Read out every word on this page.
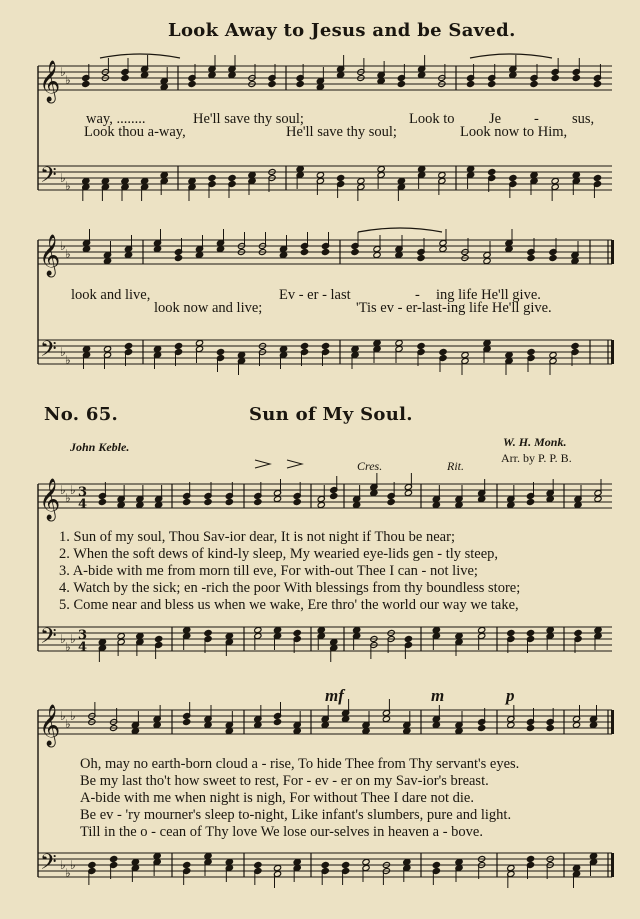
𝄞
𝄢
♭
♭
♭
♭
𝄞
𝄢
♭
♭
♭
♭
𝄞
𝄢
♭
♭
♭
♭
♭
♭
3
4
3
4
𝄞
𝄢
♭
♭
♭
♭
♭
♭
Look Away to Jesus and be Saved.
way, ........	He'll save thy soul;	Look to Je - sus,
Look thou a-way,	He'll save thy soul;	Look now to Him,
look and live,	Ev - er - last	- ing life He'll give.
look now and live;	'Tis ev - er-last-ing life He'll give.
No. 65.	Sun of My Soul.
John Keble.	W. H. Monk.
Arr. by P. P. B.
Cres.	Rit.
1. Sun of my soul, Thou Sav-ior dear, It is not night if Thou be near;
2. When the soft dews of kind-ly sleep, My wearied eye-lids gen - tly steep,
3. A-bide with me from morn till eve, For with-out Thee I can - not live;
4. Watch by the sick; en -rich the poor With blessings from thy boundless store;
5. Come near and bless us when we wake, Ere thro' the world our way we take,
mf	m	p
Oh, may no earth-born cloud a - rise, To hide Thee from Thy servant's eyes.
Be my last tho't how sweet to rest, For - ev - er on my Sav-ior's breast.
A-bide with me when night is nigh, For without Thee I dare not die.
Be ev - 'ry mourner's sleep to-night, Like infant's slumbers, pure and light.
Till in the o - cean of Thy love We lose our-selves in heaven a - bove.
